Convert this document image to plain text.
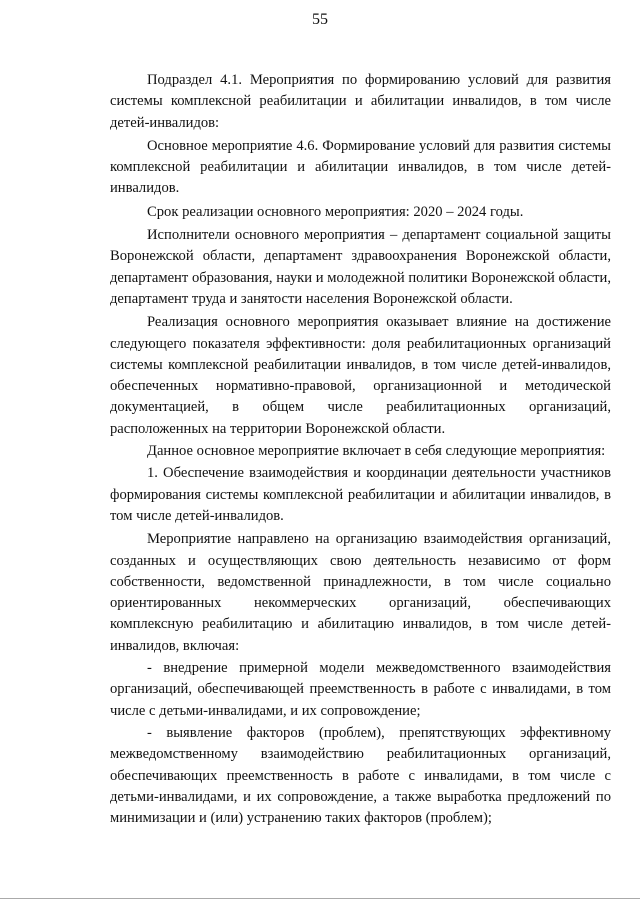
55

Подраздел 4.1. Мероприятия по формированию условий для развития системы комплексной реабилитации и абилитации инвалидов, в том числе детей-инвалидов:

Основное мероприятие 4.6. Формирование условий для развития системы комплексной реабилитации и абилитации инвалидов, в том числе детей-инвалидов.

Срок реализации основного мероприятия: 2020 – 2024 годы.

Исполнители основного мероприятия – департамент социальной защиты Воронежской области, департамент здравоохранения Воронежской области, департамент образования, науки и молодежной политики Воронежской области, департамент труда и занятости населения Воронежской области.

Реализация основного мероприятия оказывает влияние на достижение следующего показателя эффективности: доля реабилитационных организаций системы комплексной реабилитации инвалидов, в том числе детей-инвалидов, обеспеченных нормативно-правовой, организационной и методической документацией, в общем числе реабилитационных организаций, расположенных на территории Воронежской области.

Данное основное мероприятие включает в себя следующие мероприятия:

1. Обеспечение взаимодействия и координации деятельности участников формирования системы комплексной реабилитации и абилитации инвалидов, в том числе детей-инвалидов.

Мероприятие направлено на организацию взаимодействия организаций, созданных и осуществляющих свою деятельность независимо от форм собственности, ведомственной принадлежности, в том числе социально ориентированных некоммерческих организаций, обеспечивающих комплексную реабилитацию и абилитацию инвалидов, в том числе детей-инвалидов, включая:

- внедрение примерной модели межведомственного взаимодействия организаций, обеспечивающей преемственность в работе с инвалидами, в том числе с детьми-инвалидами, и их сопровождение;

- выявление факторов (проблем), препятствующих эффективному межведомственному взаимодействию реабилитационных организаций, обеспечивающих преемственность в работе с инвалидами, в том числе с детьми-инвалидами, и их сопровождение, а также выработка предложений по минимизации и (или) устранению таких факторов (проблем);
